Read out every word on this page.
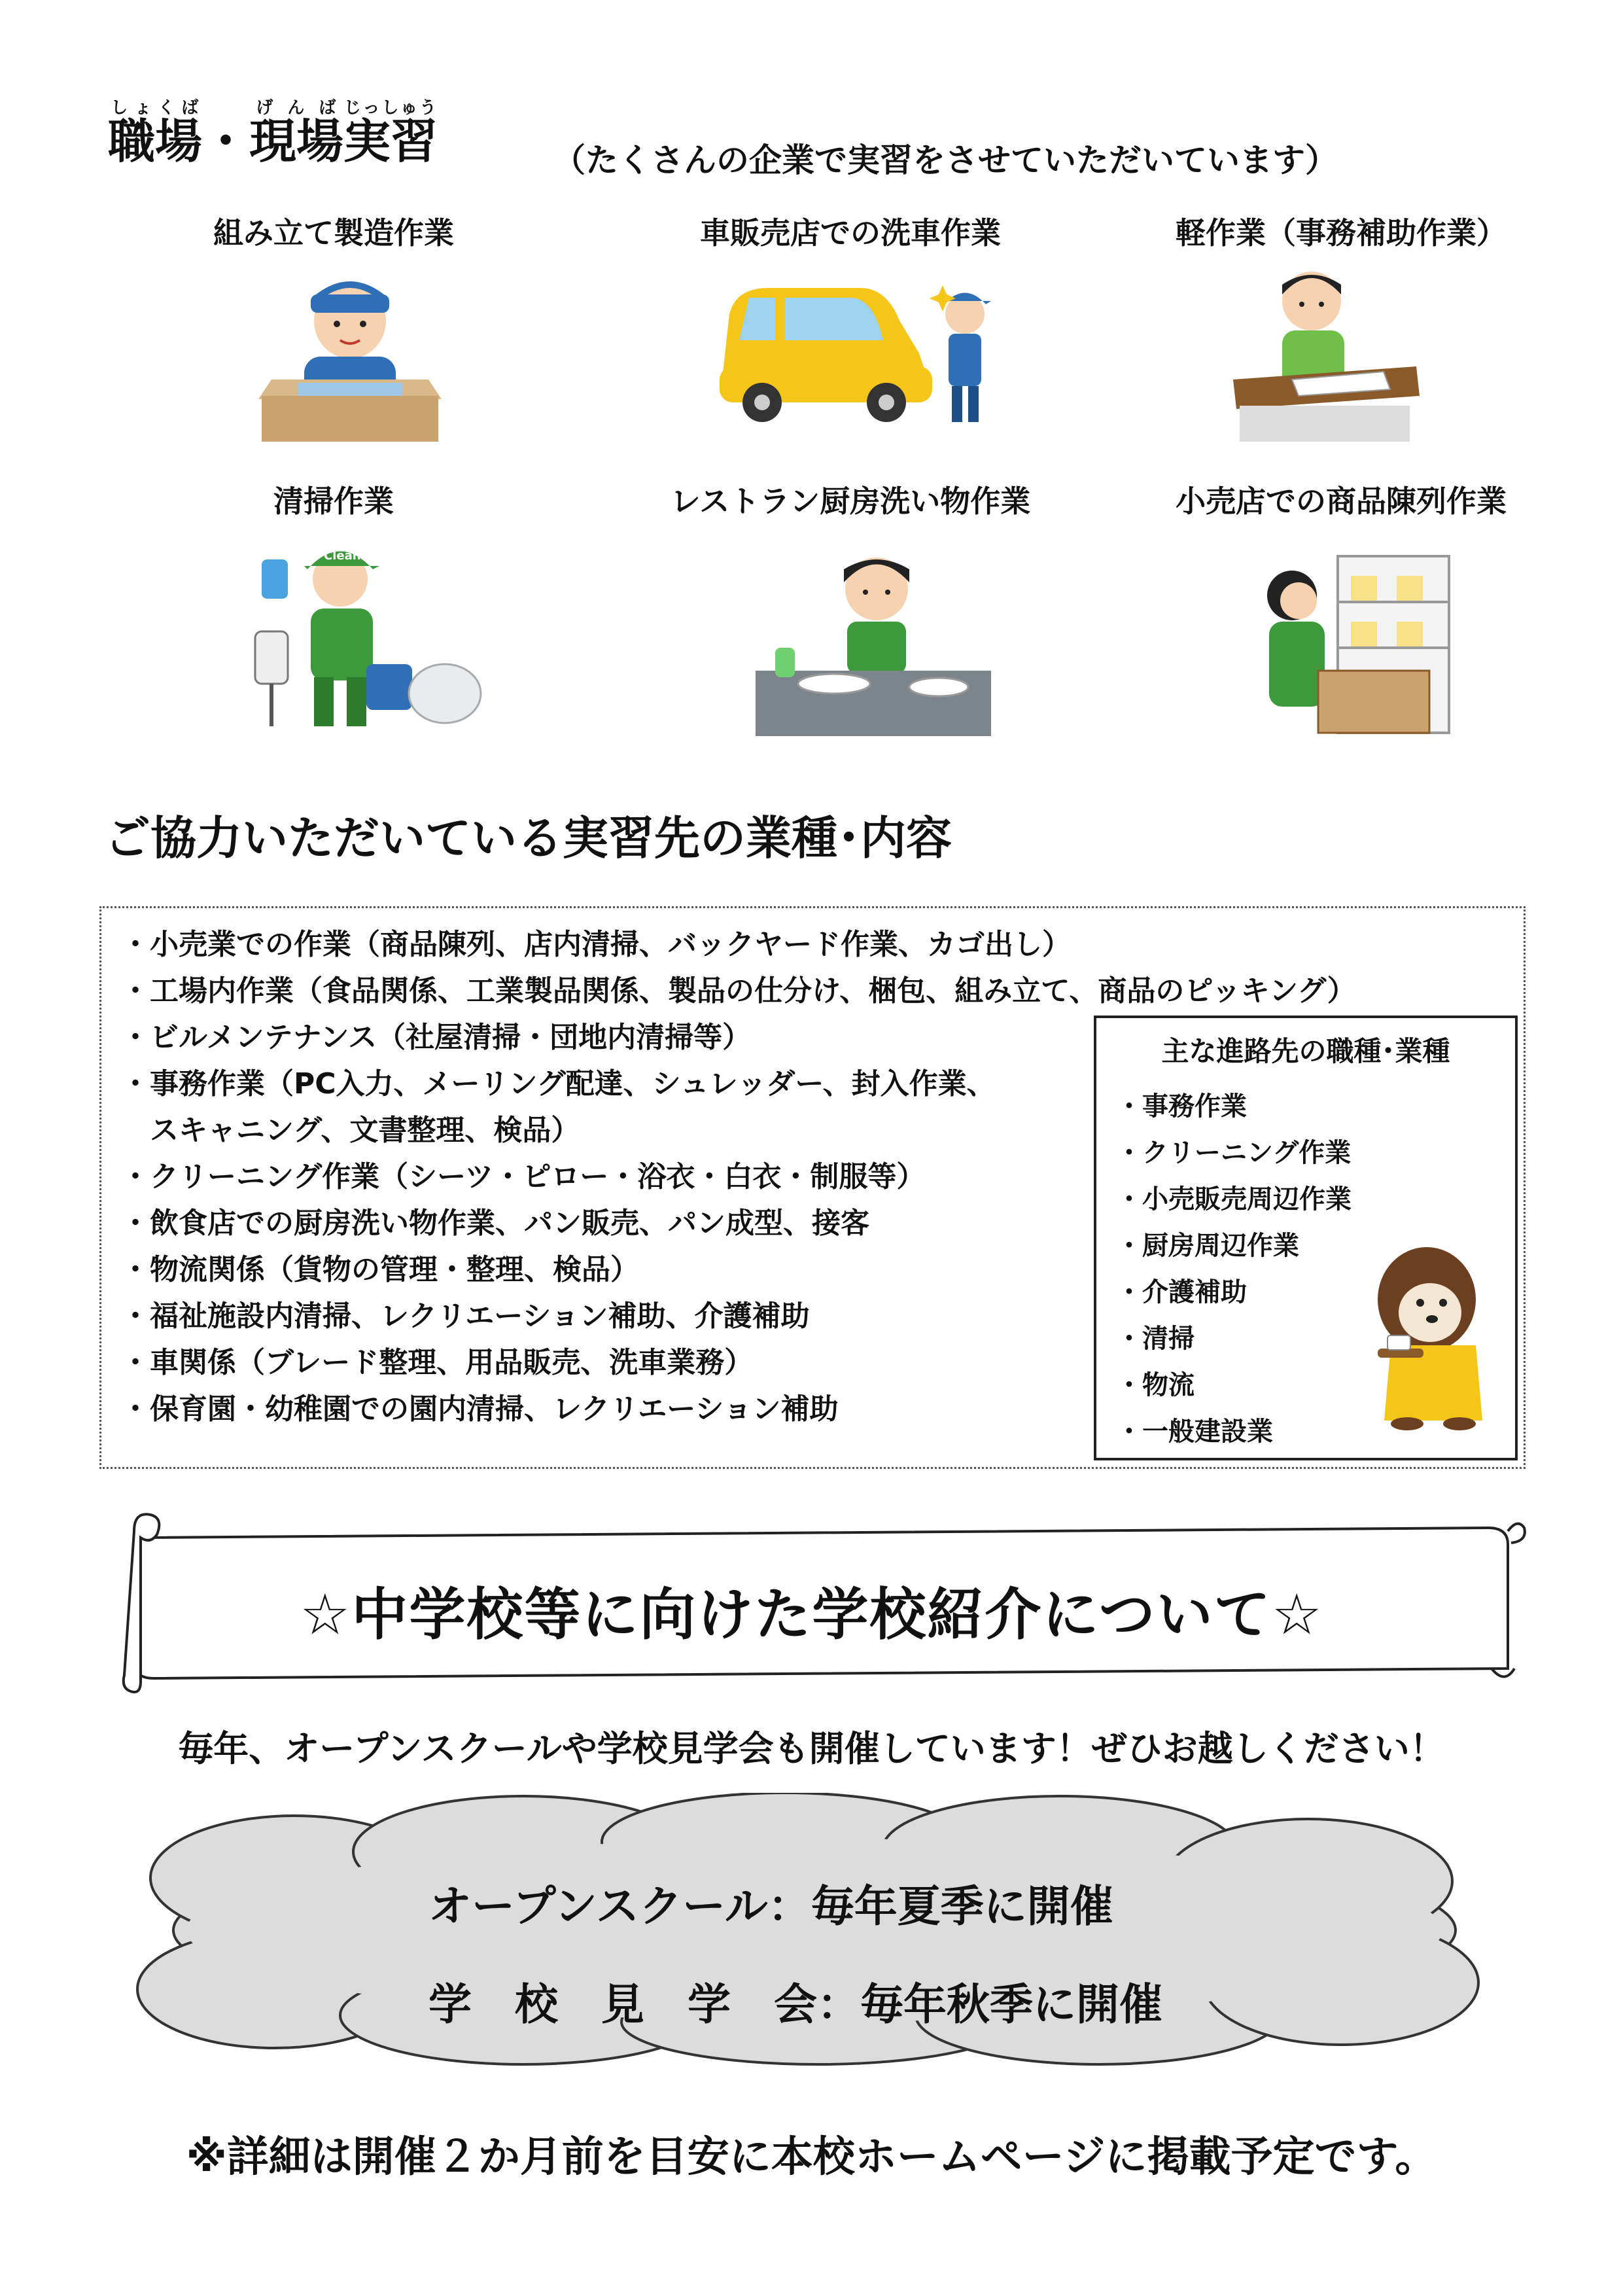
職場しょくば・現場げんば実習じっしゅう
（たくさんの企業で実習をさせていただいています）
組み立て製造作業	車販売店での洗車作業	軽作業（事務補助作業）
清掃作業	レストラン厨房洗い物作業	小売店での商品陳列作業
Clean
ご協力いただいている実習先の業種･内容
・小売業での作業（商品陳列、店内清掃、バックヤード作業、カゴ出し）
・工場内作業（食品関係、工業製品関係、製品の仕分け、梱包、組み立て、商品のピッキング）
・ビルメンテナンス（社屋清掃・団地内清掃等）
・事務作業（PC入力、メーリング配達、シュレッダー、封入作業、
　スキャニング、文書整理、検品）
・クリーニング作業（シーツ・ピロー・浴衣・白衣・制服等）
・飲食店での厨房洗い物作業、パン販売、パン成型、接客
・物流関係（貨物の管理・整理、検品）
・福祉施設内清掃、レクリエーション補助、介護補助
・車関係（ブレード整理、用品販売、洗車業務）
・保育園・幼稚園での園内清掃、レクリエーション補助
主な進路先の職種･業種
・事務作業
・クリーニング作業
・小売販売周辺作業
・厨房周辺作業
・介護補助
・清掃
・物流
・一般建設業
☆中学校等に向けた学校紹介について☆
毎年、オープンスクールや学校見学会も開催しています！ぜひお越しください！
オープンスクール：毎年夏季に開催
学　校　見　学　会：毎年秋季に開催
※詳細は開催２か月前を目安に本校ホームページに掲載予定です。
